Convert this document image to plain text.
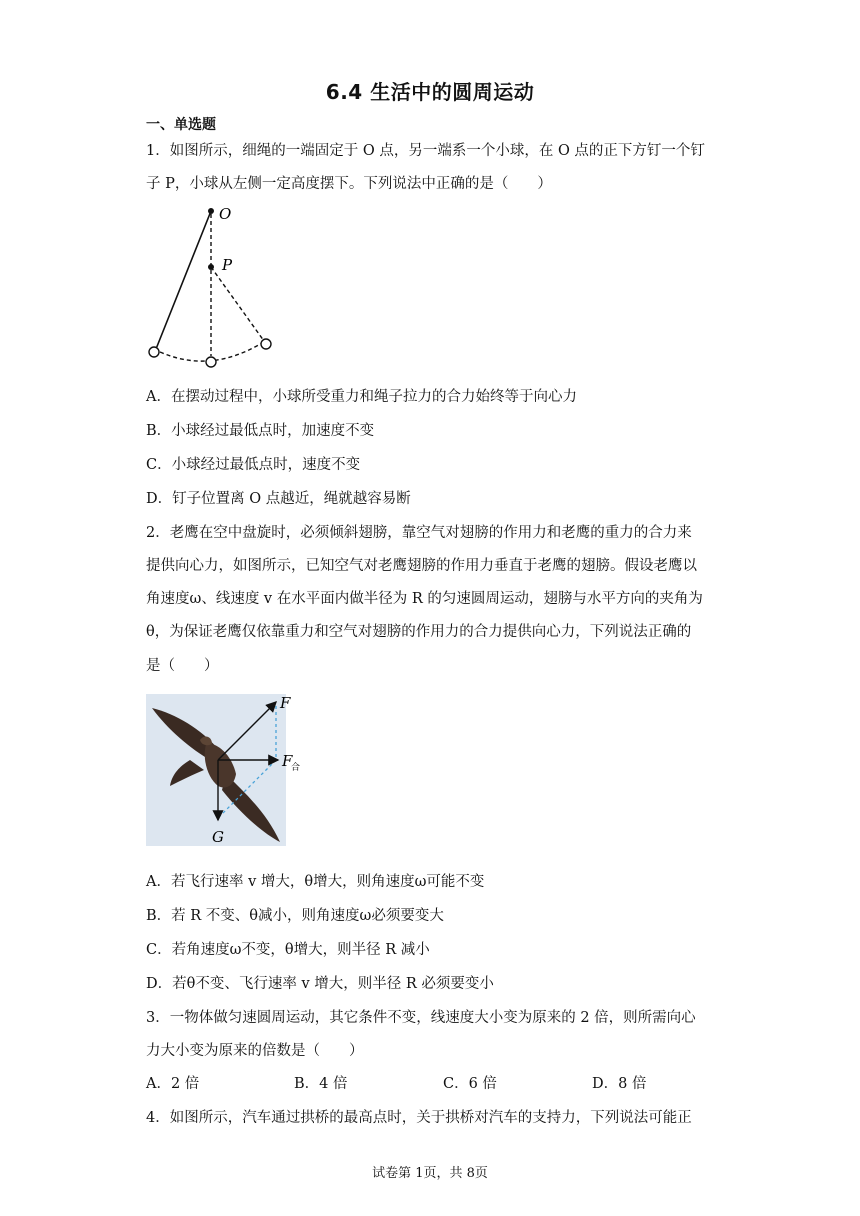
6.4 生活中的圆周运动
一、单选题
1．如图所示，细绳的一端固定于 O 点，另一端系一个小球，在 O 点的正下方钉一个钉
子 P，小球从左侧一定高度摆下。下列说法中正确的是（　　）
O
P
A．在摆动过程中，小球所受重力和绳子拉力的合力始终等于向心力
B．小球经过最低点时，加速度不变
C．小球经过最低点时，速度不变
D．钉子位置离 O 点越近，绳就越容易断
2．老鹰在空中盘旋时，必须倾斜翅膀，靠空气对翅膀的作用力和老鹰的重力的合力来
提供向心力，如图所示，已知空气对老鹰翅膀的作用力垂直于老鹰的翅膀。假设老鹰以
角速度ω、线速度 v 在水平面内做半径为 R 的匀速圆周运动，翅膀与水平方向的夹角为
θ，为保证老鹰仅依靠重力和空气对翅膀的作用力的合力提供向心力，下列说法正确的
是（　　）
F
F
合
G
A．若飞行速率 v 增大，θ增大，则角速度ω可能不变
B．若 R 不变、θ减小，则角速度ω必须要变大
C．若角速度ω不变，θ增大，则半径 R 减小
D．若θ不变、飞行速率 v 增大，则半径 R 必须要变小
3．一物体做匀速圆周运动，其它条件不变，线速度大小变为原来的 2 倍，则所需向心
力大小变为原来的倍数是（　　）
A．2 倍	B．4 倍	C．6 倍	D．8 倍
4．如图所示，汽车通过拱桥的最高点时，关于拱桥对汽车的支持力，下列说法可能正
试卷第 1页，共 8页
